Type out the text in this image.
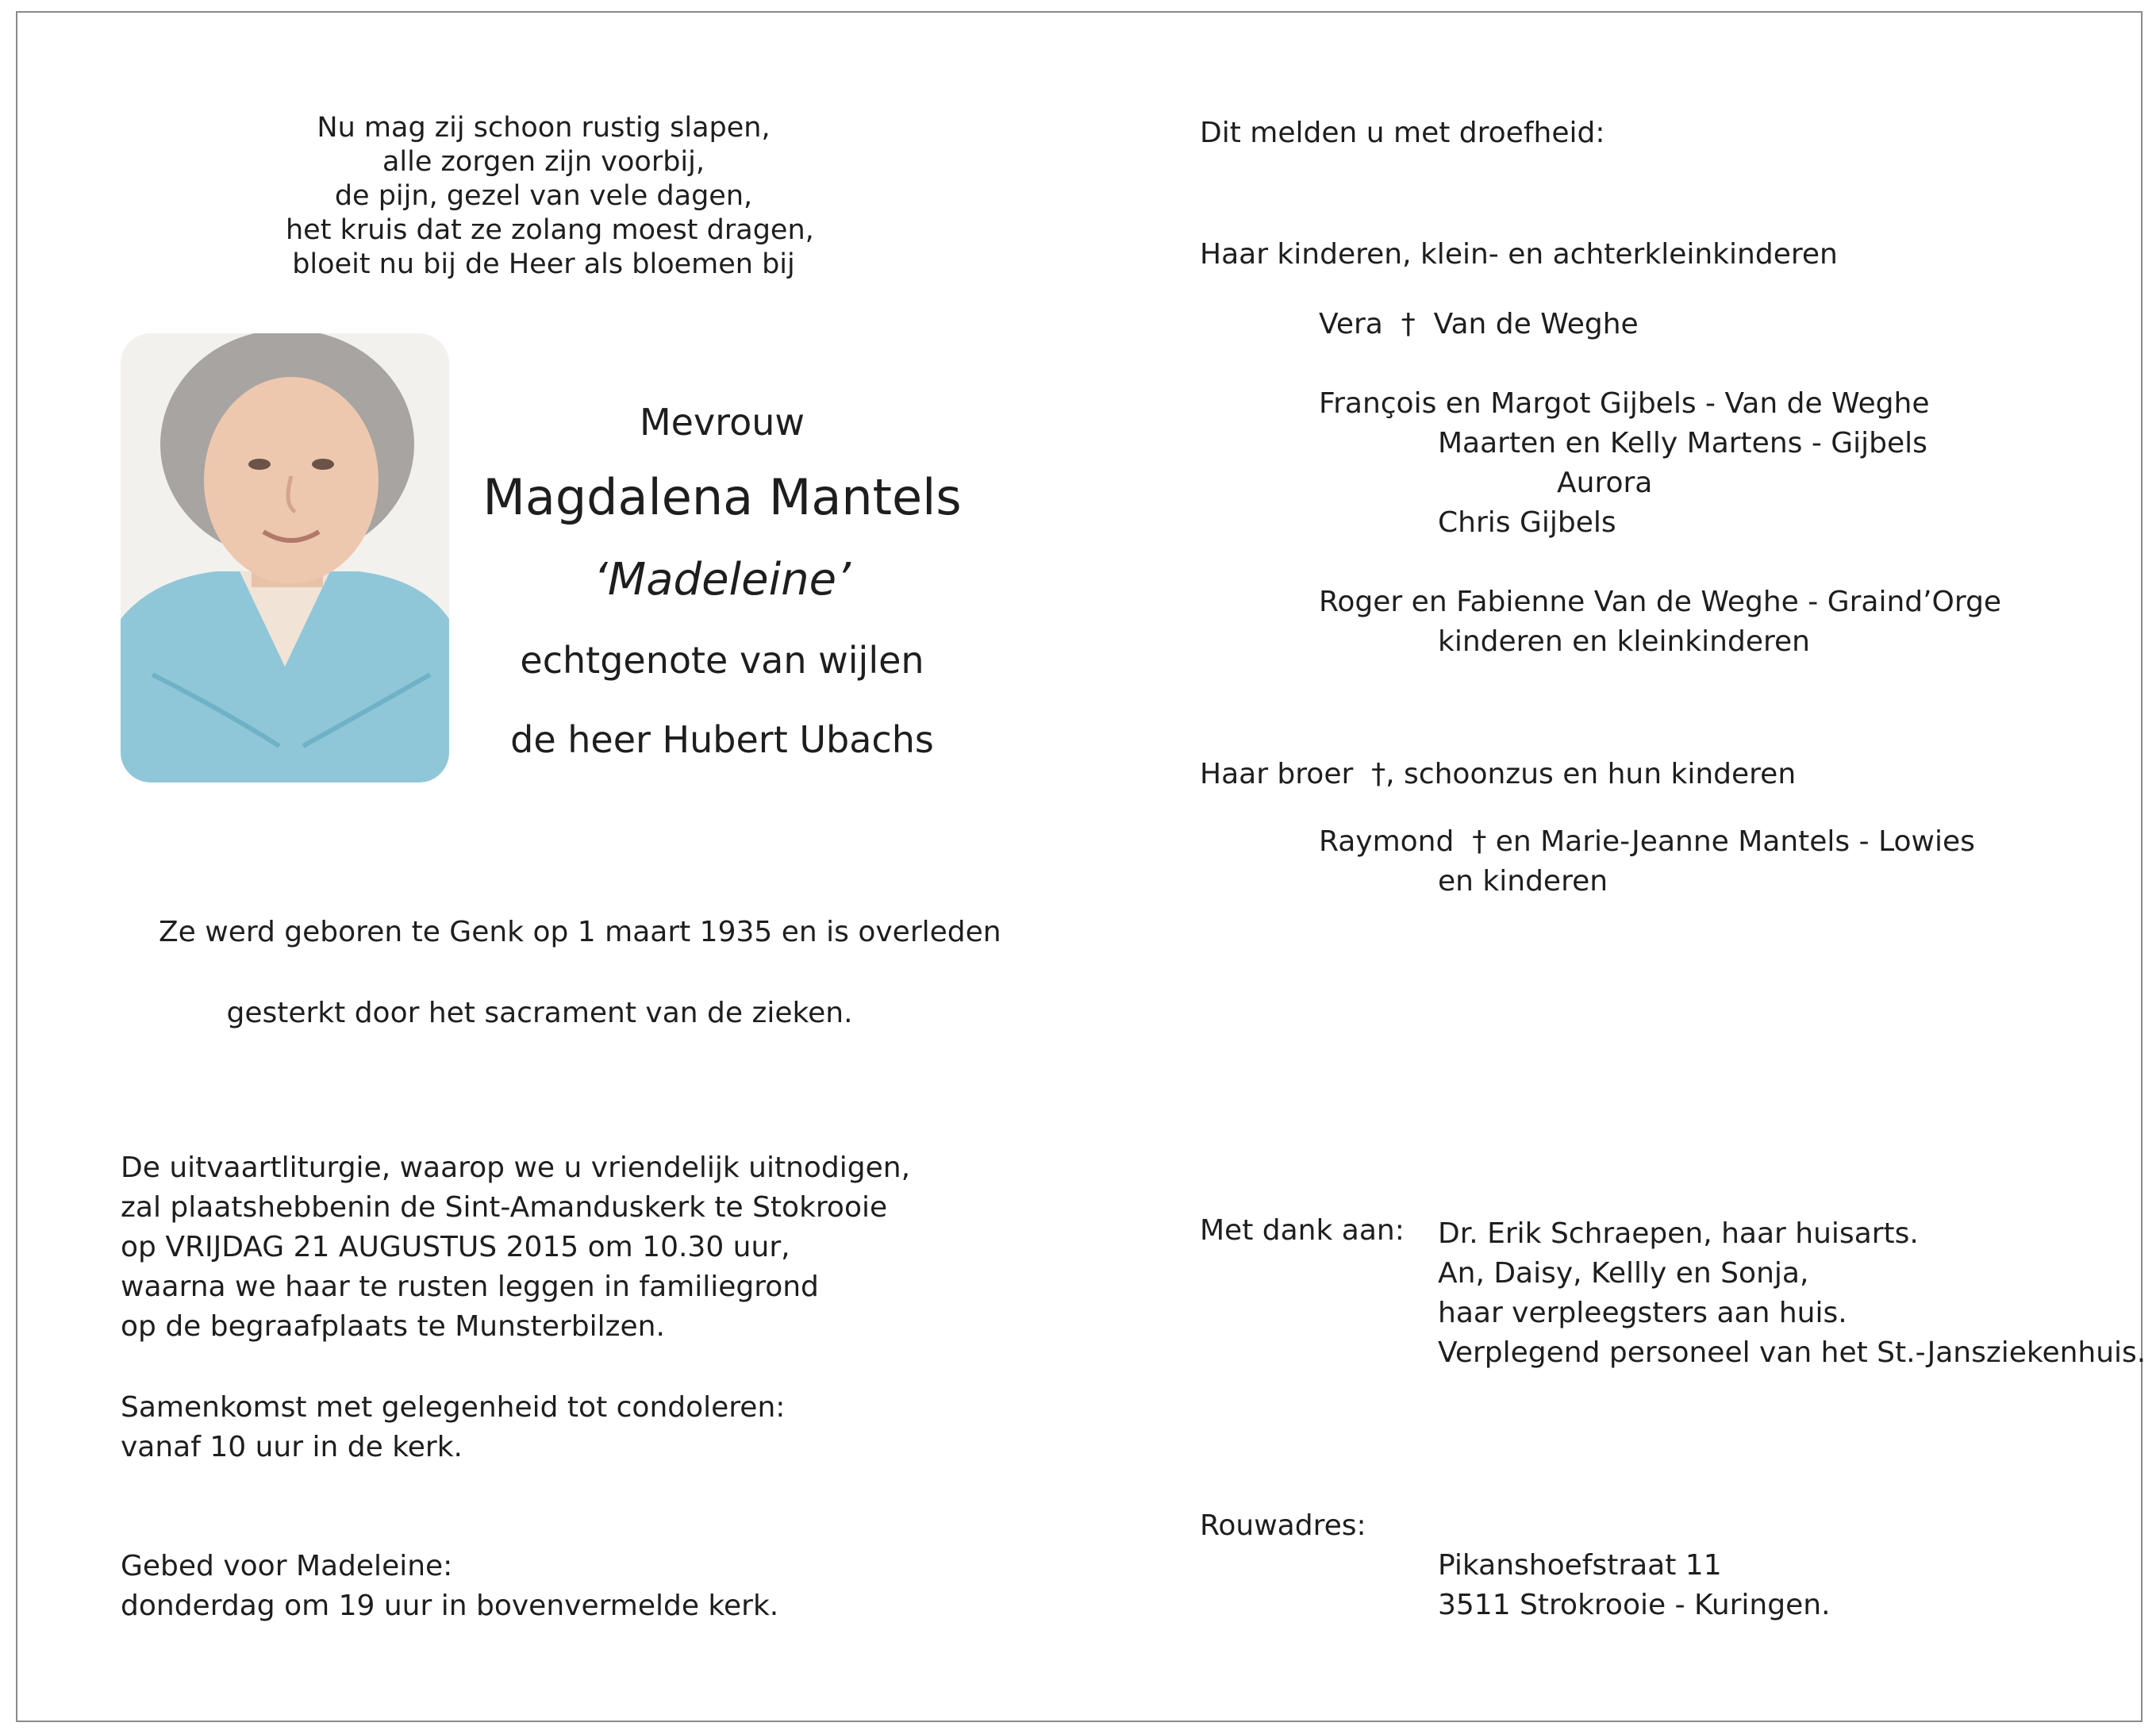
Nu mag zij schoon rustig slapen,
alle zorgen zijn voorbij,
de pijn, gezel van vele dagen,
het kruis dat ze zolang moest dragen,
bloeit nu bij de Heer als bloemen bij
Mevrouw
Magdalena Mantels
‘Madeleine’
echtgenote van wijlen
de heer Hubert Ubachs
Ze werd geboren te Genk op 1 maart 1935 en is overleden
gesterkt door het sacrament van de zieken.
De uitvaartliturgie, waarop we u vriendelijk uitnodigen,
zal plaatshebbenin de Sint-Amanduskerk te Stokrooie
op VRIJDAG 21 AUGUSTUS 2015 om 10.30 uur,
waarna we haar te rusten leggen in familiegrond
op de begraafplaats te Munsterbilzen.
Samenkomst met gelegenheid tot condoleren:
vanaf 10 uur in de kerk.
Gebed voor Madeleine:
donderdag om 19 uur in bovenvermelde kerk.
Dit melden u met droefheid:
Haar kinderen, klein- en achterkleinkinderen
Vera † Van de Weghe
François en Margot Gijbels - Van de Weghe
Maarten en Kelly Martens - Gijbels
Aurora
Chris Gijbels
Roger en Fabienne Van de Weghe - Graind’Orge
kinderen en kleinkinderen
Haar broer †, schoonzus en hun kinderen
Raymond † en Marie-Jeanne Mantels - Lowies
en kinderen
Met dank aan: Dr. Erik Schraepen, haar huisarts.
An, Daisy, Kellly en Sonja,
haar verpleegsters aan huis.
Verplegend personeel van het St.-Jansziekenhuis.
Rouwadres:
Pikanshoefstraat 11
3511 Strokrooie - Kuringen.
